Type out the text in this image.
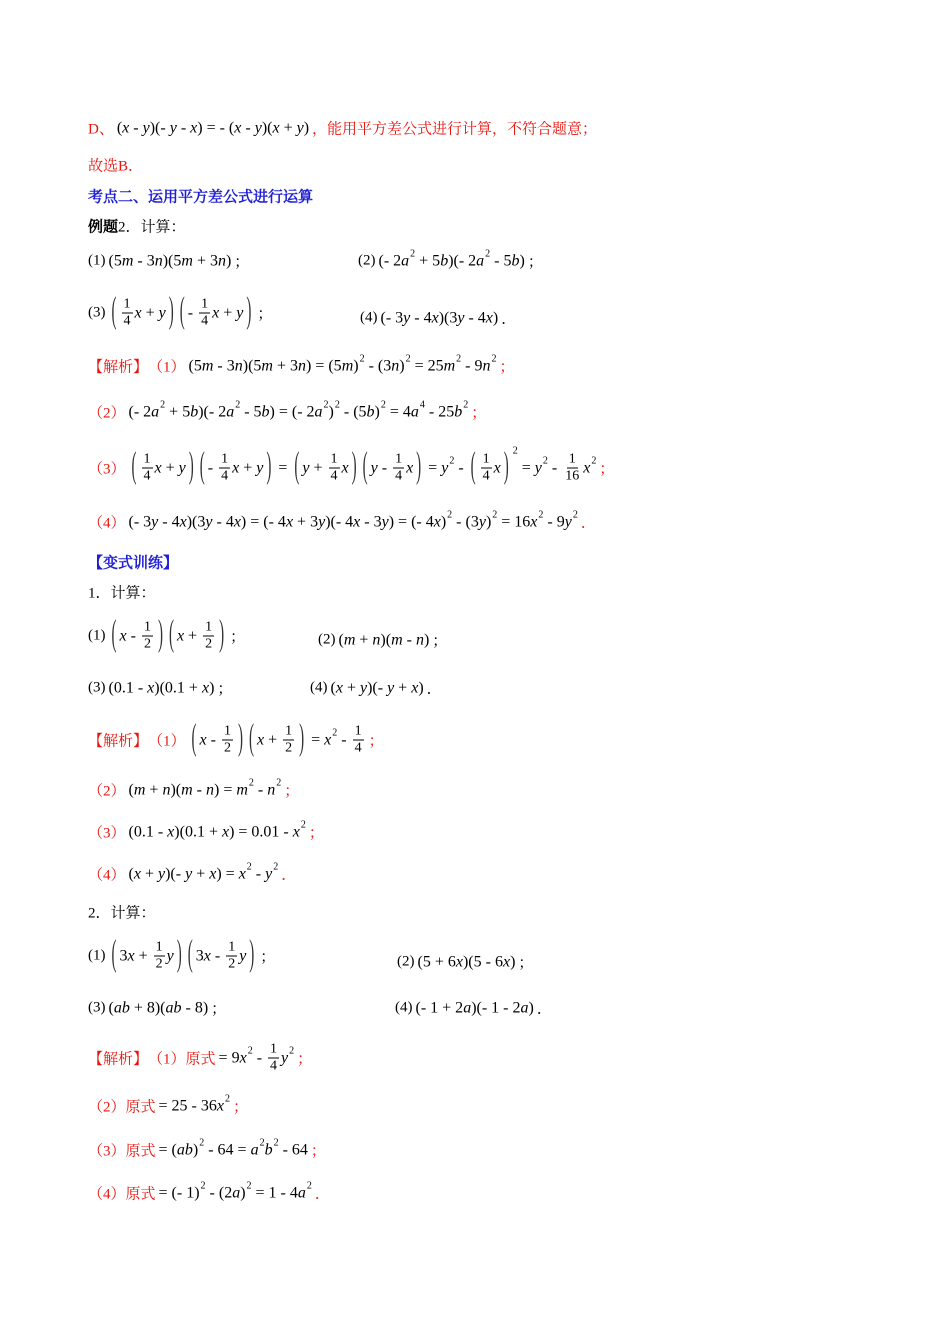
D、 (x - y)(- y - x) = - (x - y)(x + y) ，能用平方差公式进行计算，不符合题意；
故选B．
考点二、运用平方差公式进行运算
例题 2．计算：
(1) (5m - 3n)(5m + 3n) ；	(2) (- 2a 2 + 5b)(- 2a 2 - 5b) ；
(3) ( $\frac{1}{4}$ x + y ) ( - $\frac{1}{4}$ x + y ) ；	(4) (- 3y - 4x)(3y - 4x) ．
【解析】 （1） (5m - 3n)(5m + 3n) = (5m) 2 - (3n) 2 = 25m 2 - 9n 2
；
（2） (- 2a 2 + 5b)(- 2a 2 - 5b) = (- 2a 2 ) 2 - (5b) 2 = 4a 4 - 25b 2
；
（3） ( $\frac{1}{4}$ x + y ) ( - $\frac{1}{4}$ x + y ) = ( $y + \frac{1}{4}$ x ) ( y - $\frac{1}{4}$ x ) = y 2 - ( $\frac{1}{4}$ x ) 2
= y $2 - \frac{1}{16}$ x 2
；
（4） (- 3y - 4x)(3y - 4x) = (- 4x + 3y)(- 4x - 3y) = (- 4x) 2 - (3y) 2 = 16x 2 - 9y 2
．
【变式训练】
1．计算：
(1) ( x - $\frac{1}{2}$ ) ( $x + \frac{1}{2}$ ) ；	(2) (m + n)(m - n) ；
(3) (0.1 - x)(0.1 + x) ；	(4) (x + y)(- y + x) ．
【解析】 （1） ( x - $\frac{1}{2}$ ) ( $x + \frac{1}{2}$ ) = x $2 - \frac{1}{4}$ ；
（2） (m + n)(m - n) = m 2 - n 2
；
（3） (0.1 - x)(0.1 + x) = 0.01 - x 2
；
（4） (x + y)(- y + x) = x 2 - y 2
．
2．计算：
(1) ( $3x + \frac{1}{2}$ y ) ( $3x - \frac{1}{2}$ y ) ；	(2) (5 + 6x)(5 - 6x) ；
(3) (ab + 8)(ab - 8) ；	(4) (- 1 + 2a)(- 1 - 2a) ．
【解析】 （1） 原式 = 9x $2 - \frac{1}{4}$ y 2
；
（2） 原式 = 25 - 36x 2
；
（3） 原式 = (ab) 2 - 64 = a 2 b 2 - 64 ；
（4） 原式 = (- 1) 2 - (2a) 2 = 1 - 4a 2
．
